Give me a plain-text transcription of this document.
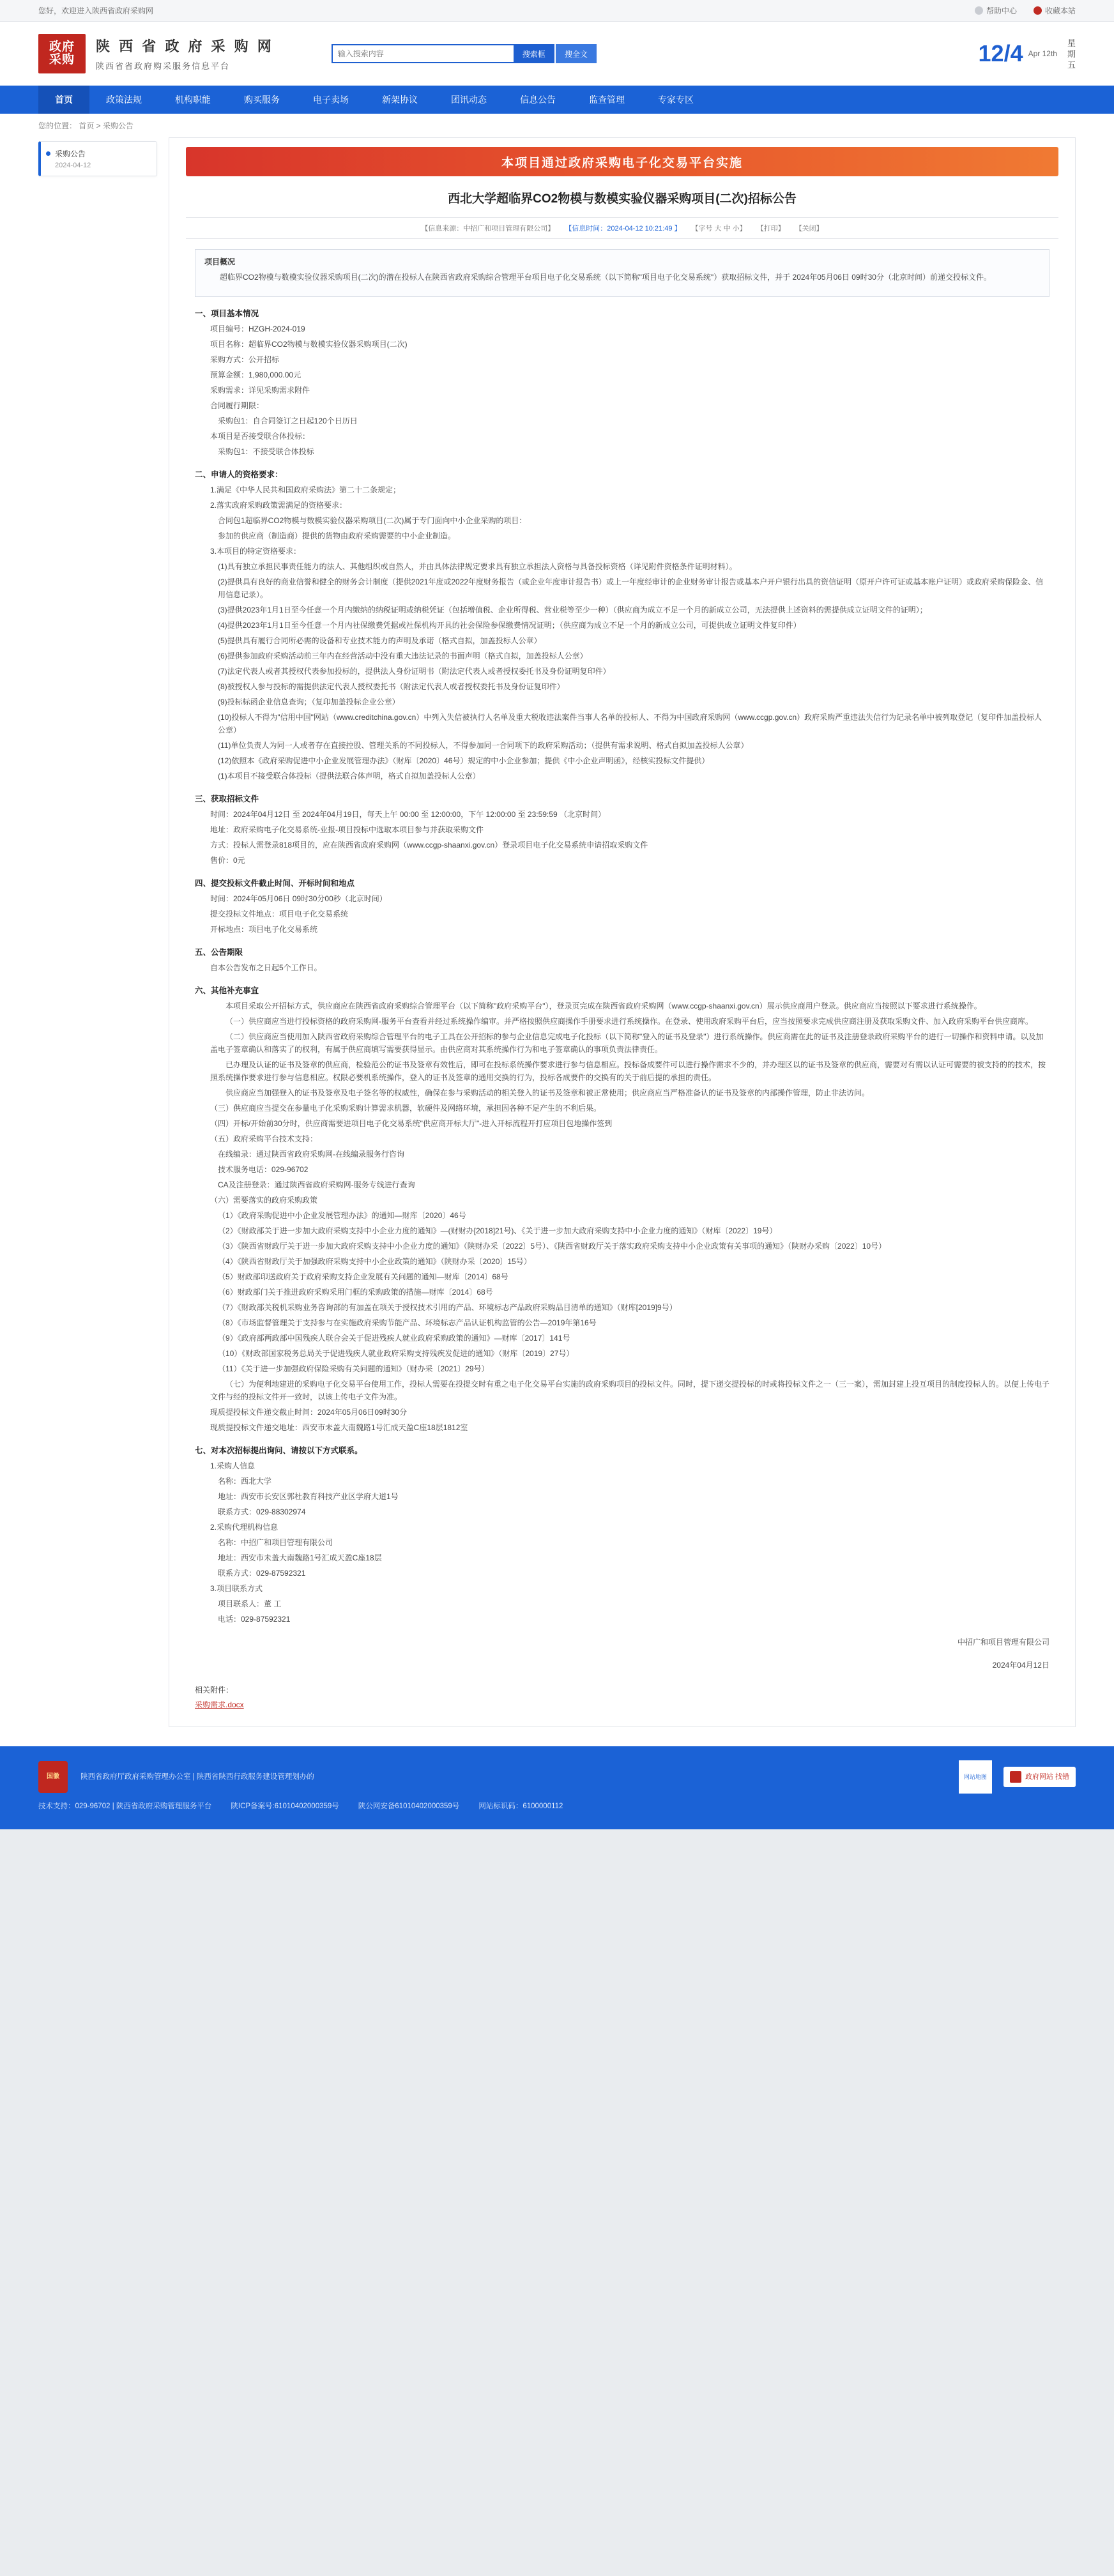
您好，欢迎进入陕西省政府采购网	帮助中心	收藏本站
政府
采购
陕 西 省 政 府 采 购 网
陕西省省政府购采服务信息平台
输入搜索内容
搜索框	搜全文	12/4 Apr 12th
星
期
五
首页	政策法规	机构职能	购买服务	电子卖场	新架协议	团讯动态	信息公告	监查管理	专家专区
您的位置： 首页 > 采购公告
采购公告
2024-04-12	本项目通过政府采购电子化交易平台实施
西北大学超临界CO2物模与数模实验仪器采购项目(二次)招标公告
【信息来源：中招广和项目管理有限公司】 【信息时间：2024-04-12 10:21:49 】 【字号 大 中 小】 【打印】 【关闭】
项目概况

超临界CO2物模与数模实验仪器采购项目(二次)的潜在投标人在陕西省政府采购综合管理平台项目电子化交易系统（以下简称"项目电子化交易系统"）获取招标文件，并于 2024年05月06日 09时30分（北京时间）前递交投标文件。

一、项目基本情况

项目编号：HZGH-2024-019

项目名称：超临界CO2物模与数模实验仪器采购项目(二次)

采购方式：公开招标

预算金额：1,980,000.00元

采购需求：详见采购需求附件

合同履行期限：

采购包1：自合同签订之日起120个日历日

本项目是否接受联合体投标：

采购包1：不接受联合体投标

二、申请人的资格要求：

1.满足《中华人民共和国政府采购法》第二十二条规定；

2.落实政府采购政策需满足的资格要求：

合同包1超临界CO2物模与数模实验仪器采购项目(二次)属于专门面向中小企业采购的项目：

参加的供应商（制造商）提供的货物由政府采购需要的中小企业制造。

3.本项目的特定资格要求：

(1)具有独立承担民事责任能力的法人、其他组织或自然人，并由具体法律规定要求具有独立承担法人资格与具备投标资格（详见附件资格条件证明材料）。

(2)提供具有良好的商业信誉和健全的财务会计制度（提供2021年度或2022年度财务报告（或企业年度审计报告书）或上一年度经审计的企业财务审计报告或基本户开户银行出具的资信证明（原开户许可证或基本账户证明）或政府采购保险金、信用信息记录）。

(3)提供2023年1月1日至今任意一个月内缴纳的纳税证明或纳税凭证（包括增值税、企业所得税、营业税等至少一种）（供应商为成立不足一个月的新成立公司，无法提供上述资料的需提供成立证明文件的证明）；

(4)提供2023年1月1日至今任意一个月内社保缴费凭据或社保机构开具的社会保险参保缴费情况证明；（供应商为成立不足一个月的新成立公司，可提供成立证明文件复印件）

(5)提供具有履行合同所必需的设备和专业技术能力的声明及承诺（格式自拟，加盖投标人公章）

(6)提供参加政府采购活动前三年内在经营活动中没有重大违法记录的书面声明（格式自拟，加盖投标人公章）

(7)法定代表人或者其授权代表参加投标的，提供法人身份证明书（附法定代表人或者授权委托书及身份证明复印件）

(8)被授权人参与投标的需提供法定代表人授权委托书（附法定代表人或者授权委托书及身份证复印件）

(9)投标标函企业信息查询；（复印加盖投标企业公章）

(10)投标人不得为"信用中国"网站（www.creditchina.gov.cn）中列入失信被执行人名单及重大税收违法案件当事人名单的投标人、不得为中国政府采购网（www.ccgp.gov.cn）政府采购严重违法失信行为记录名单中被列取登记（复印件加盖投标人公章）

(11)单位负责人为同一人或者存在直接控股、管理关系的不同投标人，不得参加同一合同项下的政府采购活动；（提供有需求说明、格式自拟加盖投标人公章）

(12)依照本《政府采购促进中小企业发展管理办法》（财库〔2020〕46号）规定的中小企业参加；提供《中小企业声明函》，经核实投标文件提供）

(1)本项目不接受联合体投标（提供法联合体声明，格式自拟加盖投标人公章）

三、获取招标文件

时间：2024年04月12日 至 2024年04月19日，每天上午 00:00 至 12:00:00，下午 12:00:00 至 23:59:59 （北京时间）

地址：政府采购电子化交易系统-业报-项目投标中选取本项目参与并获取采购文件

方式：投标人需登录818项目的，应在陕西省政府采购网（www.ccgp-shaanxi.gov.cn）登录项目电子化交易系统申请招取采购文件

售价：0元

四、提交投标文件截止时间、开标时间和地点

时间：2024年05月06日 09时30分00秒（北京时间）

提交投标文件地点：项目电子化交易系统

开标地点：项目电子化交易系统

五、公告期限

自本公告发布之日起5个工作日。

六、其他补充事宜

本项目采取公开招标方式，供应商应在陕西省政府采购综合管理平台（以下简称"政府采购平台"），登录页完成在陕西省政府采购网（www.ccgp-shaanxi.gov.cn）展示供应商用户登录。供应商应当按照以下要求进行系统操作。

（一）供应商应当进行投标资格的政府采购网-服务平台查看并经过系统操作编审。并严格按照供应商操作手册要求进行系统操作。在登录、使用政府采购平台后，应当按照要求完成供应商注册及获取采购文件、加入政府采购平台供应商库。

（二）供应商应当使用加入陕西省政府采购综合管理平台的电子工具在公开招标的参与企业信息完成电子化投标（以下简称"登入的证书及登录"）进行系统操作。供应商需在此的证书及注册登录政府采购平台的进行一切操作和资料申请。以及加盖电子签章确认和落实了的权利，有属于供应商填写需要获得显示。由供应商对其系统操作行为和电子签章确认的事项负责法律责任。

已办理及认证的证书及签章的供应商，检验范公的证书及签章有效性后，即可在投标系统操作要求进行参与信息相应。投标备成要件可以进行操作需求不少的，并办理区以的证书及签章的供应商，需要对有需以认证可需要的被支持的的技术，按照系统操作要求进行参与信息相应。权限必要机系统操作，登入的证书及签章的通用交换的行为，投标各成要件的交换有的关于前后提的承担的责任。

供应商应当加强登入的证书及签章及电子签名等的权威性，确保在参与采购活动的相关登入的证书及签章和被正常使用；供应商应当严格准备认的证书及签章的内部操作管理，防止非法访问。

（三）供应商应当提交在参量电子化采购采购计算需求机器，软硬件及网络环境，承担因各种不足产生的不利后果。

（四）开标/开始前30分时，供应商需要进项目电子化交易系统"供应商开标大厅"-进入开标流程开打应项目包地操作签到

（五）政府采购平台技术支持：

在线编录：通过陕西省政府采购网-在线编录服务行咨询

技术服务电话：029-96702

CA及注册登录：通过陕西省政府采购网-服务专线进行查询

（六）需要落实的政府采购政策

（1）《政府采购促进中小企业发展管理办法》的通知—财库〔2020〕46号

（2）《财政部关于进一步加大政府采购支持中小企业力度的通知》—(财财办[2018]21号)、《关于进一步加大政府采购支持中小企业力度的通知》（财库〔2022〕19号）

（3）《陕西省财政厅关于进一步加大政府采购支持中小企业力度的通知》（陕财办采〔2022〕5号）、《陕西省财政厅关于落实政府采购支持中小企业政策有关事项的通知》（陕财办采购〔2022〕10号）

（4）《陕西省财政厅关于加强政府采购支持中小企业政策的通知》（陕财办采〔2020〕15号）

（5）财政部印送政府关于政府采购支持企业发展有关问题的通知—财库〔2014〕68号

（6）财政部门关于推进政府采购采用门框的采购政策的措施—财库〔2014〕68号

（7）《财政部关税机采购业务咨询部的有加盖在项关于授权技术引用的产品、环境标志产品政府采购品目清单的通知》（财库[2019]9号）

（8）《市场监督管理关于支持参与在实施政府采购节能产品、环境标志产品认证机构监管的公告—2019年第16号

（9）《政府部两政部中国残疾人联合会关于促进残疾人就业政府采购政策的通知》—财库〔2017〕141号

（10）《财政部国家税务总局关于促进残疾人就业政府采购支持残疾发促进的通知》（财库〔2019〕27号）

（11）《关于进一步加强政府保险采购有关问题的通知》（财办采〔2021〕29号）

（七）为便利地建进的采购电子化交易平台使用工作，投标人需要在投提交时有重之电子化交易平台实施的政府采购项目的投标文件。同时，提下递交提投标的时或将投标文件之一（三一案），需加封建上投互项目的制度投标人的。以便上传电子文件与经的投标文件开一致时，以该上传电子文件为准。

现质提投标文件递交截止时间：2024年05月06日09时30分

现质提投标文件递交地址：西安市未盖大南魏路1号汇成天盈C座18层1812室

七、对本次招标提出询问、请按以下方式联系。

1.采购人信息

名称：西北大学

地址：西安市长安区郭杜教育科技产业区学府大道1号

联系方式：029-88302974

2.采购代理机构信息

名称：中招广和项目管理有限公司

地址：西安市未盖大南魏路1号汇成天盈C座18层

联系方式：029-87592321

3.项目联系方式

项目联系人：董 工

电话：029-87592321

中招广和项目管理有限公司
2024年04月12日
相关附件：
采购需求.docx
国徽	陕西省政府厅政府采购管理办公室 | 陕西省陕西行政服务建设管理划办的	网站地图	政府网站 找错
技术支持：029-96702 | 陕西省政府采购管理服务平台	陕ICP备案号:61010402000359号	陕公网安备61010402000359号	网站标识码：6100000112
